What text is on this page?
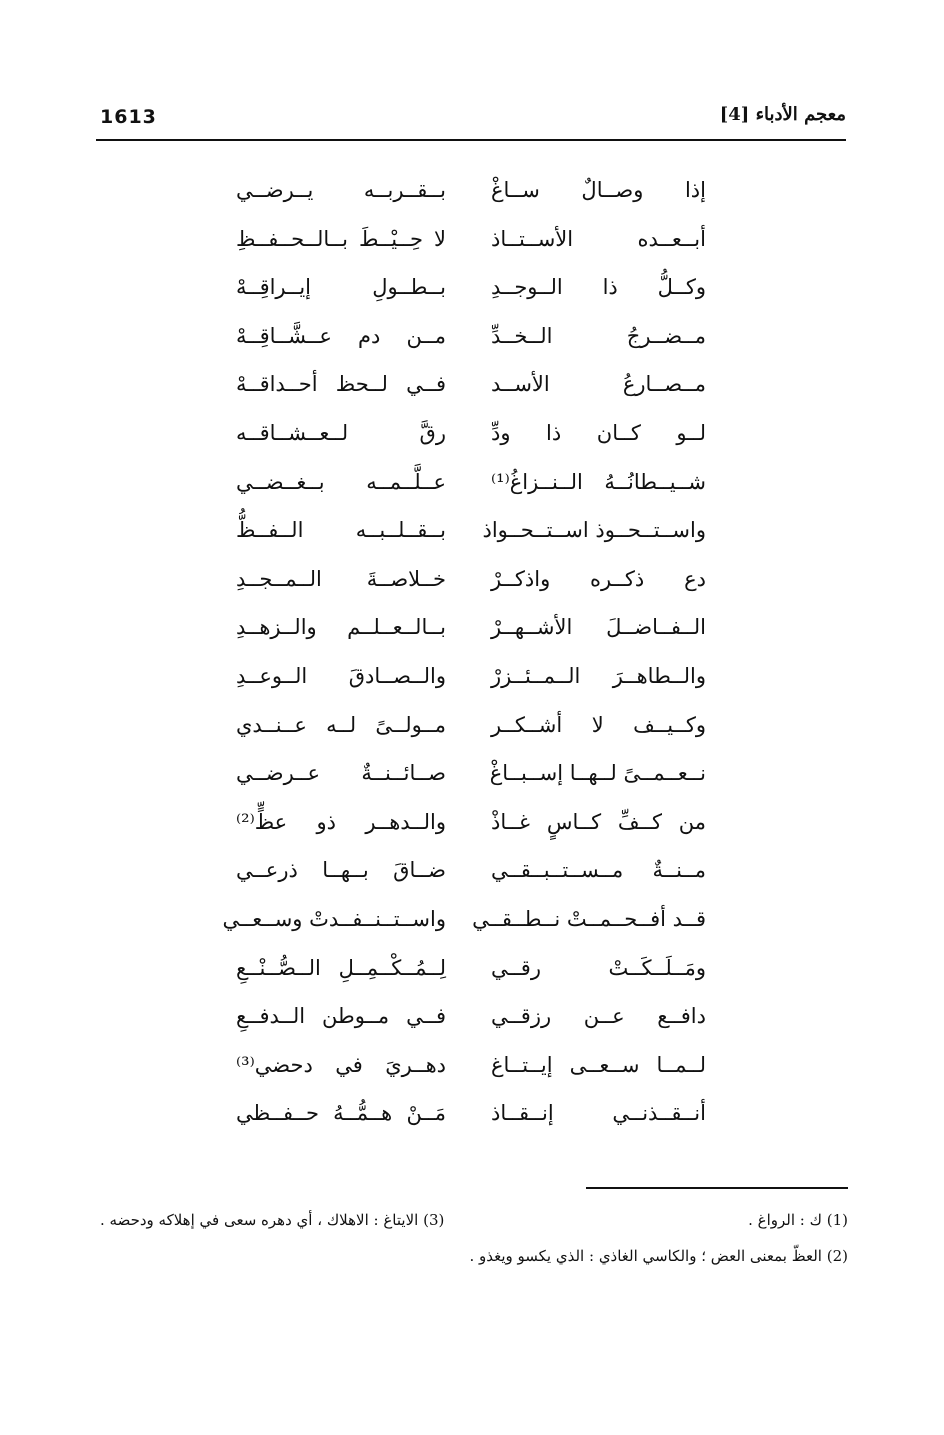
1613	معجم الأدباء [4]
إذا وصــالٌ ســاغْ
بــقــربــه يــرضــي
أبــعــده الأســتــاذ
لا حِــيْــطَ بــالــحــفــظِ
وكــلُّ ذا الــوجــدِ
بــطــولِ إيــراقِــهْ
مــضــرجُ الــخــدِّ
مــن دم عــشَّــاقِــهْ
مــصــارعُ الأســد
فــي لــحظ أحــداقــهْ
لــو كــان ذا ودِّ
رقَّ لــعــشــاقــه
شــيــطانُــهُ الــنــزاغُ⁽¹⁾
عــلَّــمــه بــغــضــي
واســتــحــوذ اســتــحــواذ
بــقــلــبــه الــفــظُّ
دع ذكــره واذكــرْ
خــلاصــةَ الــمــجــدِ
الــفــاضــلَ الأشــهــرْ
بــالــعــلــم والــزهــدِ
والــطاهــرَ الــمــئــزرْ
والــصــادقَ الــوعــدِ
وكــيــف لا أشــكــر
مــولــىً لــه عــنــدي
نــعــمــىً لــهــا إســبــاغْ
صــائــنــةٌ عــرضــي
من كــفِّ كــاسٍ غــاذْ
والــدهــر ذو عظٍّ⁽²⁾
مــنــةٌ مــســتــبــقــي
ضــاقَ بــهــا ذرعــي
قــد أفــحــمــتْ نــطــقــي
واســتــنــفــدتْ وســعــي
ومَــلَــكَــتْ رقــي
لِــمُــكْــمِــلِ الــصُّــنْــعِ
دافــع عــن رزقــي
فــي مــوطن الــدفــعِ
لــمــا ســعــى إيــتــاغ
دهــريَ في دحضي⁽³⁾
أنــقــذنــي إنــقــاذ
مَــنْ هــمُّــهُ حــفــظي
(1) ك : الرواغ .
(3) الايتاغ : الاهلاك ، أي دهره سعى في إهلاكه ودحضه .
(2) العظّ بمعنى العض ؛ والكاسي الغاذي : الذي يكسو ويغذو .
